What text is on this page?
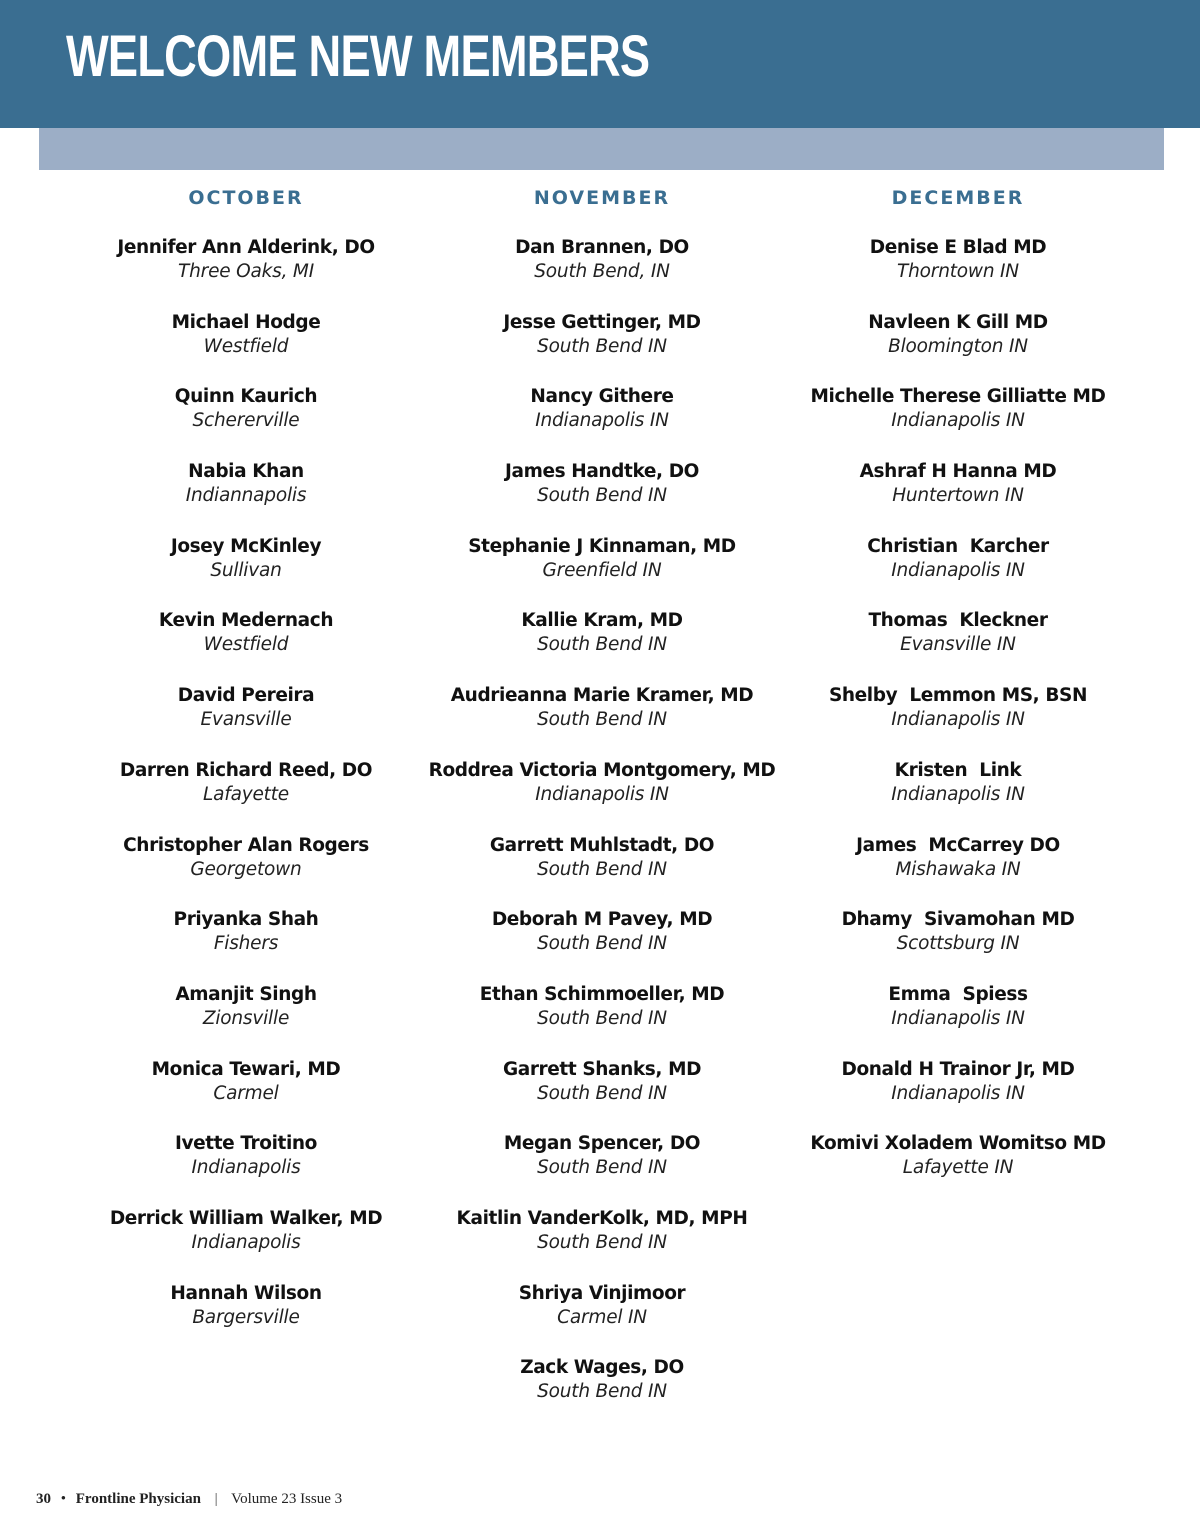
WELCOME NEW MEMBERS
OCTOBER
Jennifer Ann Alderink, DO
Three Oaks, MI
Michael Hodge
Westfield
Quinn Kaurich
Schererville
Nabia Khan
Indiannapolis
Josey McKinley
Sullivan
Kevin Medernach
Westfield
David Pereira
Evansville
Darren Richard Reed, DO
Lafayette
Christopher Alan Rogers
Georgetown
Priyanka Shah
Fishers
Amanjit Singh
Zionsville
Monica Tewari, MD
Carmel
Ivette Troitino
Indianapolis
Derrick William Walker, MD
Indianapolis
Hannah Wilson
Bargersville
NOVEMBER
Dan Brannen, DO
South Bend, IN
Jesse Gettinger, MD
South Bend IN
Nancy Githere
Indianapolis IN
James Handtke, DO
South Bend IN
Stephanie J Kinnaman, MD
Greenfield IN
Kallie Kram, MD
South Bend IN
Audrieanna Marie Kramer, MD
South Bend IN
Roddrea Victoria Montgomery, MD
Indianapolis IN
Garrett Muhlstadt, DO
South Bend IN
Deborah M Pavey, MD
South Bend IN
Ethan Schimmoeller, MD
South Bend IN
Garrett Shanks, MD
South Bend IN
Megan Spencer, DO
South Bend IN
Kaitlin VanderKolk, MD, MPH
South Bend IN
Shriya Vinjimoor
Carmel IN
Zack Wages, DO
South Bend IN
DECEMBER
Denise E Blad MD
Thorntown IN
Navleen K Gill MD
Bloomington IN
Michelle Therese Gilliatte MD
Indianapolis IN
Ashraf H Hanna MD
Huntertown IN
Christian  Karcher
Indianapolis IN
Thomas  Kleckner
Evansville IN
Shelby  Lemmon MS, BSN
Indianapolis IN
Kristen  Link
Indianapolis IN
James  McCarrey DO
Mishawaka IN
Dhamy  Sivamohan MD
Scottsburg IN
Emma  Spiess
Indianapolis IN
Donald H Trainor Jr, MD
Indianapolis IN
Komivi Xoladem Womitso MD
Lafayette IN
30 • Frontline Physician | Volume 23 Issue 3
